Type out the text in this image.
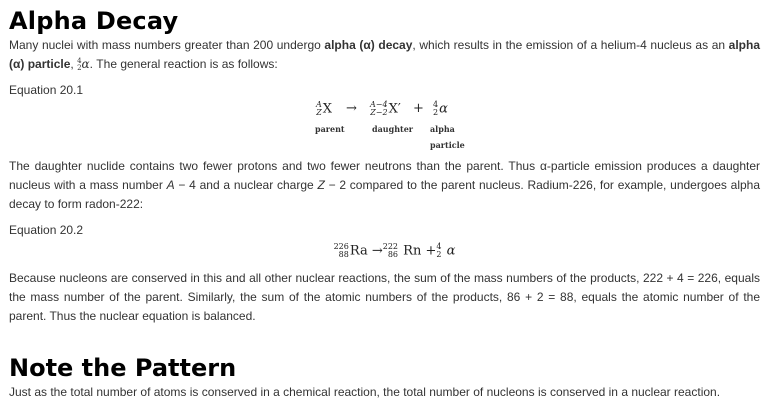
Alpha Decay

Many nuclei with mass numbers greater than 200 undergo alpha (α) decay, which results in the emission of a helium-4 nucleus as an alpha (α) particle, 4
2 α. The general reaction is as follows:

Equation 20.1

A
Z X → A−4
Z−2 X′ + 4
2 α
parent	daughter alpha
particle

The daughter nuclide contains two fewer protons and two fewer neutrons than the parent. Thus α-particle emission produces a daughter nucleus with a mass number A − 4 and a nuclear charge Z − 2 compared to the parent nucleus. Radium-226, for example, undergoes alpha decay to form radon-222:

Equation 20.2

226
88 Ra → 222
86 Rn + 4
2 α

Because nucleons are conserved in this and all other nuclear reactions, the sum of the mass numbers of the products, 222 + 4 = 226, equals the mass number of the parent. Similarly, the sum of the atomic numbers of the products, 86 + 2 = 88, equals the atomic number of the parent. Thus the nuclear equation is balanced.

Note the Pattern

Just as the total number of atoms is conserved in a chemical reaction, the total number of nucleons is conserved in a nuclear reaction.
